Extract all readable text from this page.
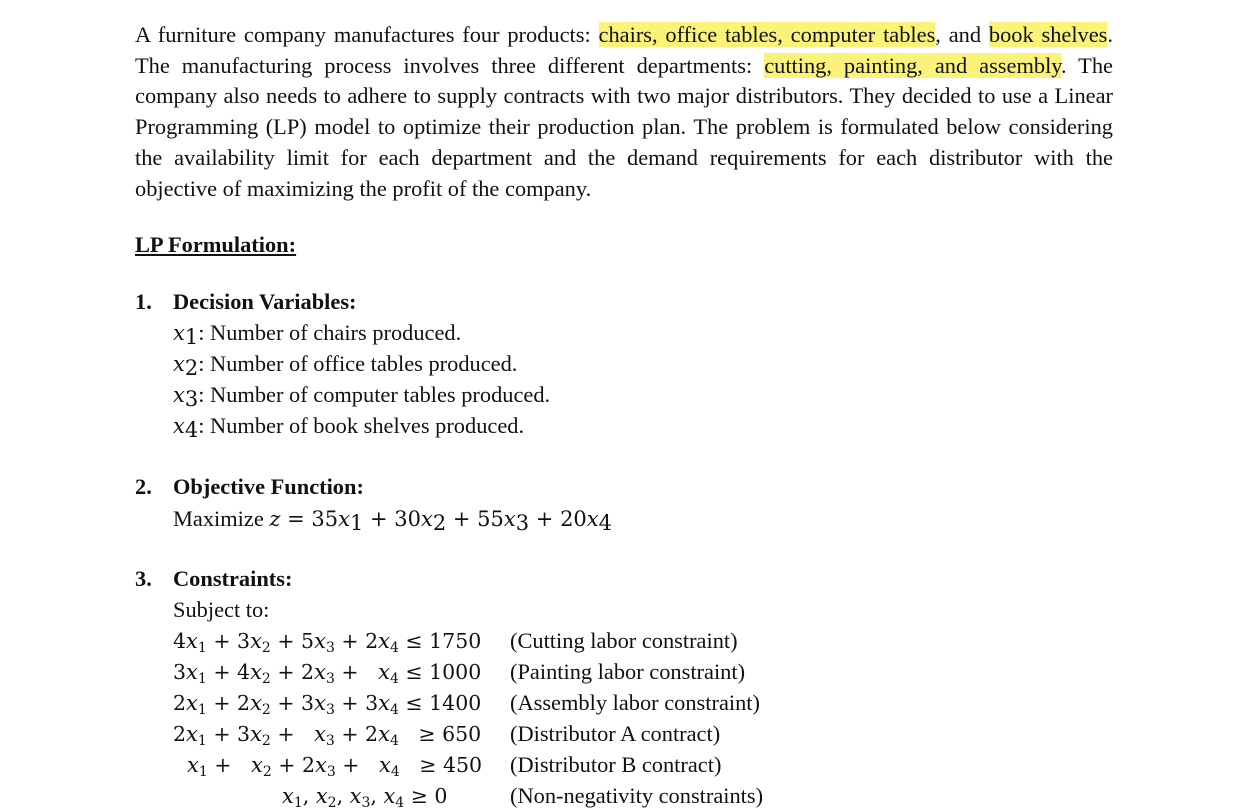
A furniture company manufactures four products: chairs, office tables, computer tables, and book shelves. The manufacturing process involves three different departments: cutting, painting, and assembly. The company also needs to adhere to supply contracts with two major distributors. They decided to use a Linear Programming (LP) model to optimize their production plan. The problem is formulated below considering the availability limit for each department and the demand requirements for each distributor with the objective of maximizing the profit of the company.

LP Formulation:

1. Decision Variables:

$x_1$: Number of chairs produced.

$x_2$: Number of office tables produced.

$x_3$: Number of computer tables produced.

$x_4$: Number of book shelves produced.

2. Objective Function:

Maximize $z = 35x_1 + 30x_2 + 55x_3 + 20x_4$

3. Constraints:

Subject to:

$4x_1 + 3x_2 + 5x_3 + 2x_4 \le 1750$ (Cutting labor constraint)

$3x_1 + 4x_2 + 2x_3 + x_4 \le 1000$ (Painting labor constraint)

$2x_1 + 2x_2 + 3x_3 + 3x_4 \le 1400$ (Assembly labor constraint)

$2x_1 + 3x_2 + x_3 + 2x_4 \ge 650$ (Distributor A contract)

$x_1 + x_2 + 2x_3 + x_4 \ge 450$ (Distributor B contract)

$x_1$, $x_2$, $x_3$, $x_4 \ge 0$	(Non-negativity constraints)
